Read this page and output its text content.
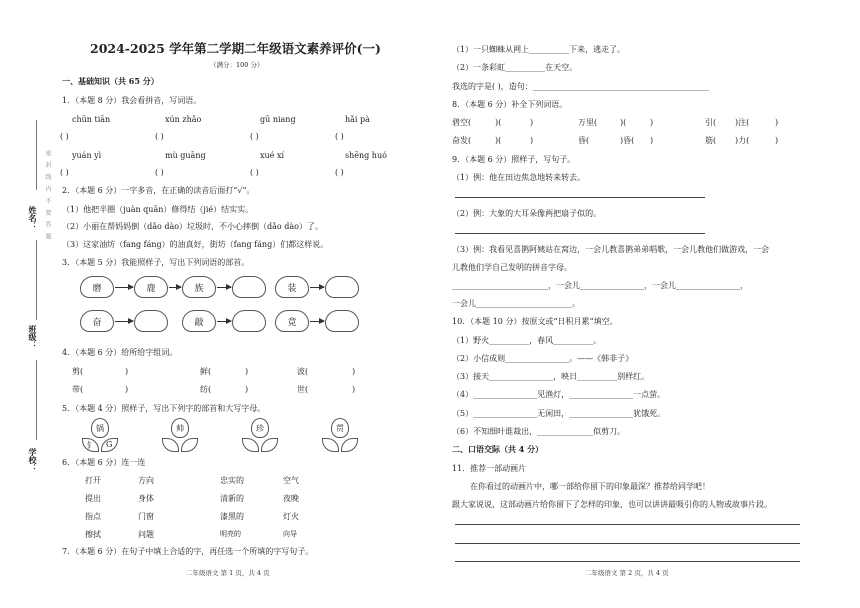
姓名：
班级：
学校：
密 封 线 内 不 要 答 题
2024-2025 学年第二学期二年级语文素养评价(一)
（满分：100 分）
一、基础知识（共 65 分）
1．（本题 8 分）我会看拼音，写词语。
chūn tiān	xún zhǎo	gū niang	hǎi pà
( )	( )	( )	( )
yuán yì	mù guāng	xué xí	shēng huó
( )	( )	( )	( )
2．（本题 6 分）一字多音，在正确的读音后面打“√”。
（1）他把半圈（juàn quān）修得结（jié）结实实。
（2）小丽在帮妈妈倒（dǎo dào）垃圾时，不小心摔倒（dǎo dào）了。
（3）这家油坊（fang fáng）的油真好，街坊（fang fáng）们都这样说。
3．（本题 5 分）我能照样子，写出下列词语的部首。
磨	鹿	族	装
奋	敲	竟
4．（本题 6 分）给所给字组词。
剪(	)	鲜(	)	波(	)
带(	)	纺(	)	世(	)
5．（本题 4 分）照样子，写出下列字的部首和大写字母。
锅
钅 G
帅	珍	贯
6．（本题 6 分）连一连
打开
提出
指点
擦拭
方向
身体
门窗
问题
忠实的
清新的
漆黑的
明亮的
空气
夜晚
灯火
向导
7．（本题 6 分）在句子中填上合适的字，再任选一个所填的字写句子。
二年级语文 第 1 页，共 4 页
（1）一只蜘蛛从网上__________下来，逃走了。
（2）一条彩虹__________在天空。
我选的字是( )，造句：____________________________________________
8．（本题 6 分）补全下列词语。
碧空(	)(	)	万里(	)(	)	引( )注(	)
奋发(	)(	)	昏(	)昏( )	筋( )力(	)
9．（本题 6 分）照样子，写句子。
（1）例：他在田边焦急地转来转去。
（2）例：大象的大耳朵像两把扇子似的。
（3）例：我看见喜鹊阿姨站在窝边，一会儿教喜鹊弟弟唱歌，一会儿教他们做游戏，一会
儿教他们学自己发明的拼音字母。
________________________，一会儿________________，一会儿________________，
一会儿________________________。
10．（本题 10 分）按原文或“日积月累”填空。
（1）野火__________，春风__________。
（2）小信成则________________。——《韩非子》
（3）接天________________，映日__________别样红。
（4）________________见渔灯，________________一点萤。
（5）________________无闲田，________________犹饿死。
（6）不知细叶谁裁出，______________似剪刀。
二、口语交际（共 4 分）
11．推荐一部动画片
在你看过的动画片中，哪一部给你留下的印象最深？推荐给同学吧！
跟大家说说，这部动画片给你留下了怎样的印象，也可以讲讲最吸引你的人物或故事片段。
二年级语文 第 2 页，共 4 页
